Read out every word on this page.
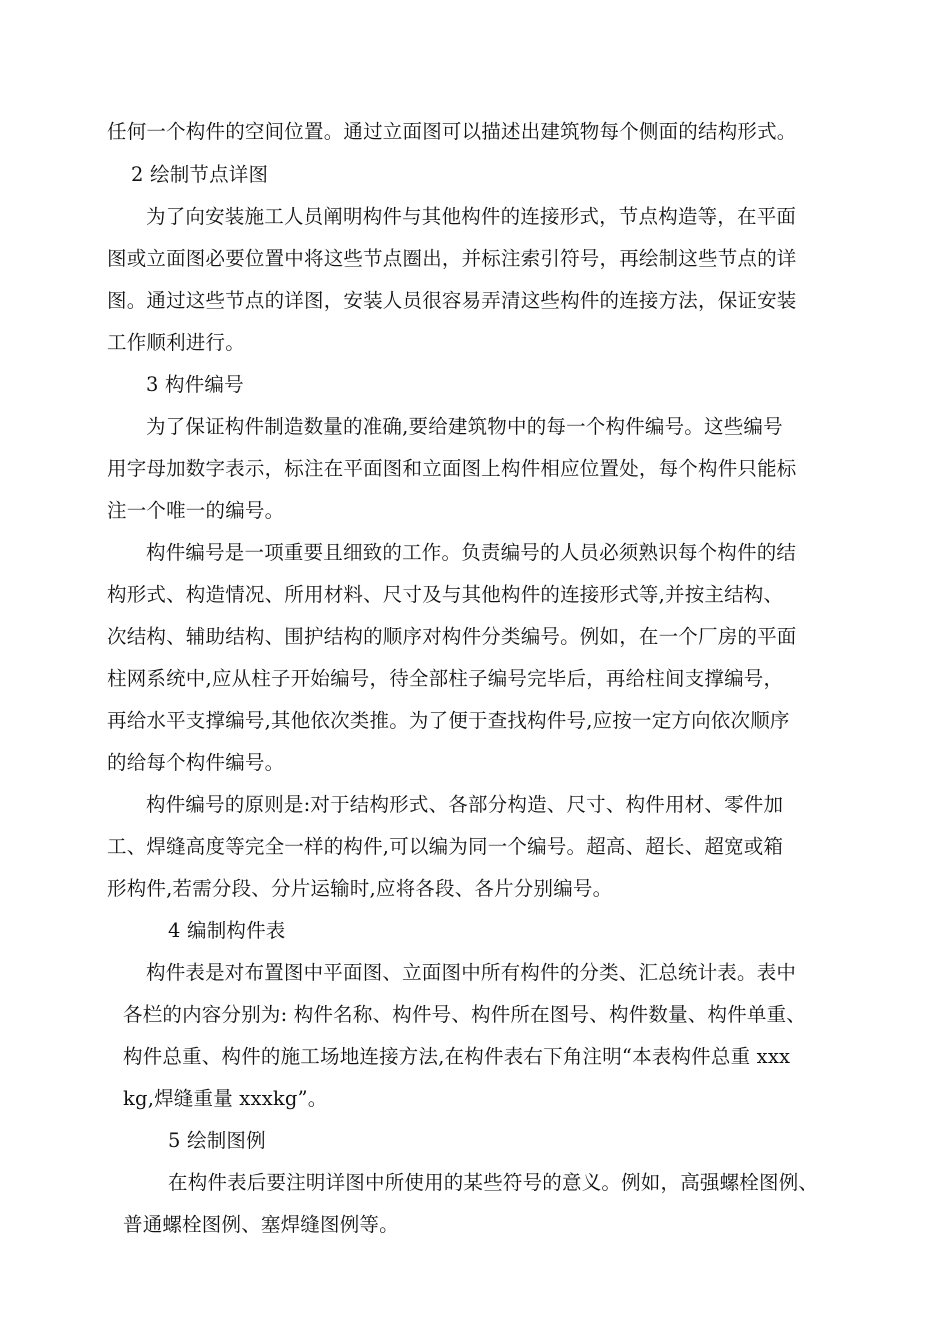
任何一个构件的空间位置。通过立面图可以描述出建筑物每个侧面的结构形式。

2 绘制节点详图

为了向安装施工人员阐明构件与其他构件的连接形式，节点构造等，在平面

图或立面图必要位置中将这些节点圈出，并标注索引符号，再绘制这些节点的详

图。通过这些节点的详图，安装人员很容易弄清这些构件的连接方法，保证安装

工作顺利进行。

3 构件编号

为了保证构件制造数量的准确,要给建筑物中的每一个构件编号。这些编号

用字母加数字表示，标注在平面图和立面图上构件相应位置处，每个构件只能标

注一个唯一的编号。

构件编号是一项重要且细致的工作。负责编号的人员必须熟识每个构件的结

构形式、构造情况、所用材料、尺寸及与其他构件的连接形式等,并按主结构、

次结构、辅助结构、围护结构的顺序对构件分类编号。例如，在一个厂房的平面

柱网系统中,应从柱子开始编号，待全部柱子编号完毕后，再给柱间支撑编号，

再给水平支撑编号,其他依次类推。为了便于查找构件号,应按一定方向依次顺序

的给每个构件编号。

构件编号的原则是:对于结构形式、各部分构造、尺寸、构件用材、零件加

工、焊缝高度等完全一样的构件,可以编为同一个编号。超高、超长、超宽或箱

形构件,若需分段、分片运输时,应将各段、各片分别编号。

4 编制构件表

构件表是对布置图中平面图、立面图中所有构件的分类、汇总统计表。表中

各栏的内容分别为: 构件名称、构件号、构件所在图号、构件数量、构件单重、

构件总重、构件的施工场地连接方法,在构件表右下角注明“本表构件总重 xxx

kg,焊缝重量 xxxkg”。

5 绘制图例

在构件表后要注明详图中所使用的某些符号的意义。例如，高强螺栓图例、

普通螺栓图例、塞焊缝图例等。
